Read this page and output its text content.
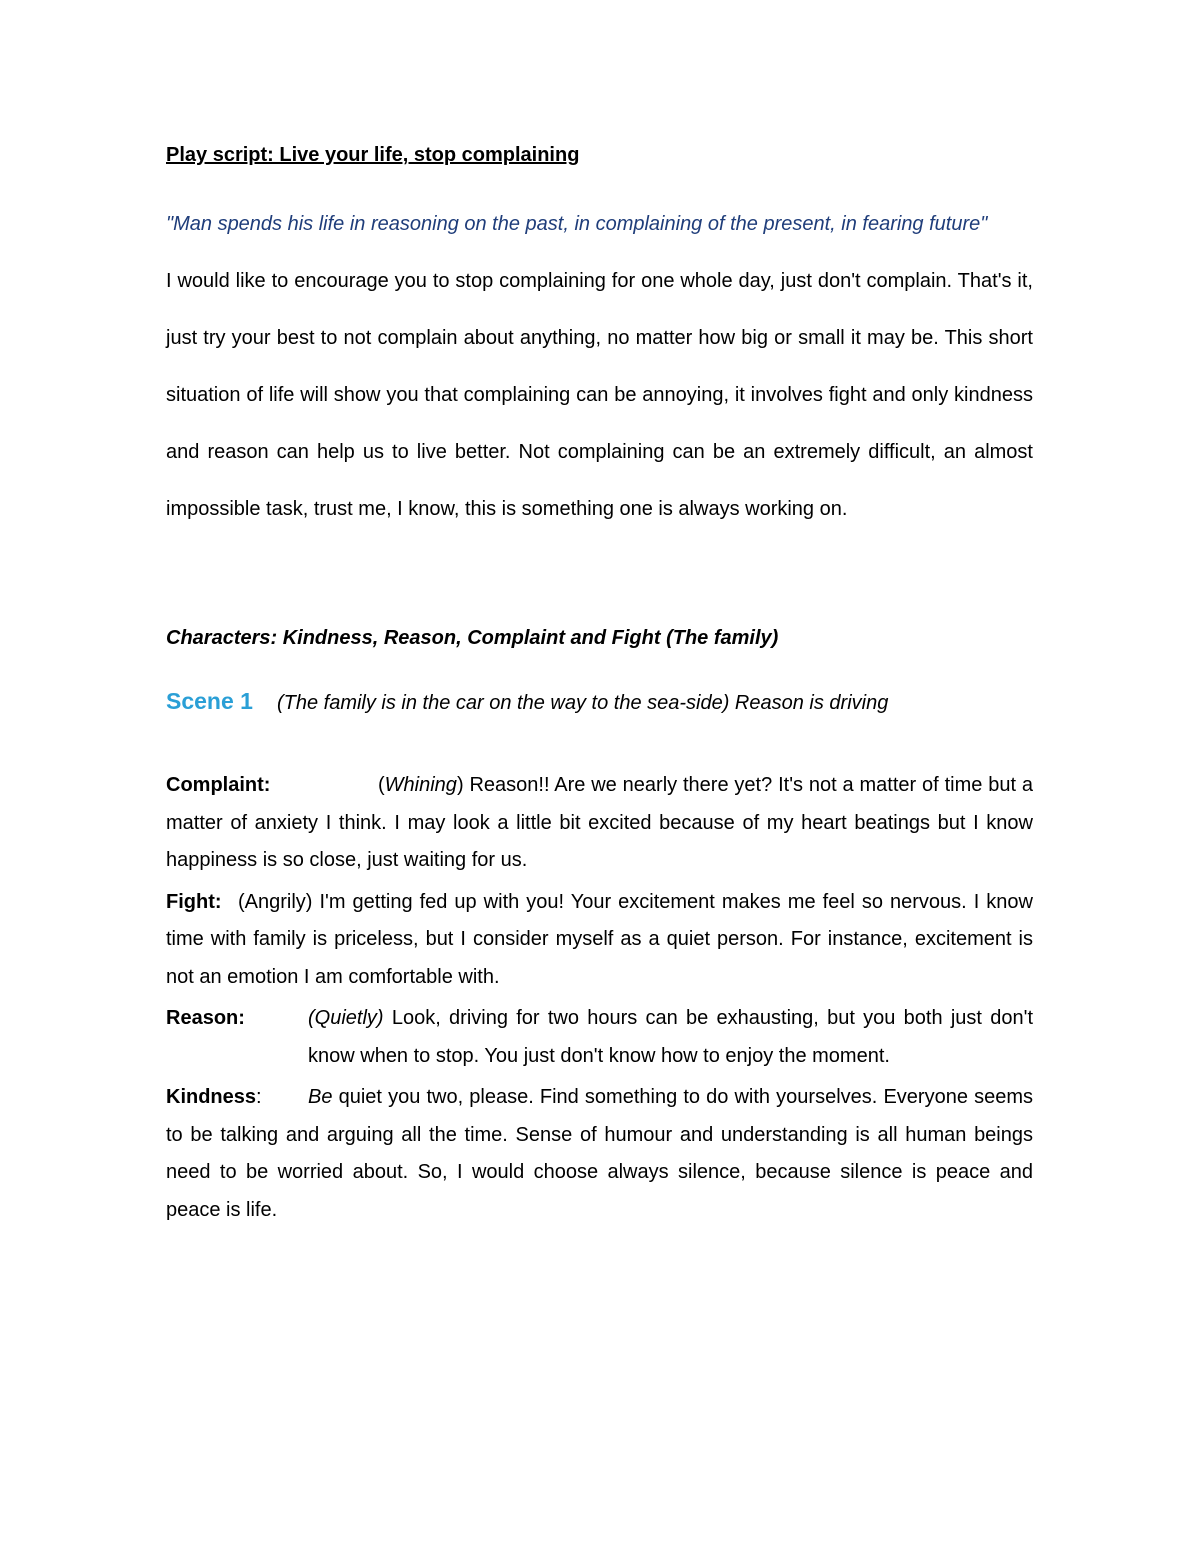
Play script: Live your life, stop complaining

"Man spends his life in reasoning on the past, in complaining of the present, in fearing future"

I would like to encourage you to stop complaining for one whole day, just don't complain. That's it, just try your best to not complain about anything, no matter how big or small it may be. This short situation of life will show you that complaining can be annoying, it involves fight and only kindness and reason can help us to live better. Not complaining can be an extremely difficult, an almost impossible task, trust me, I know, this is something one is always working on.

Characters: Kindness, Reason, Complaint and Fight (The family)

Scene 1 (The family is in the car on the way to the sea-side) Reason is driving

Complaint:	(Whining) Reason!! Are we nearly there yet? It's not a matter of time but a matter of anxiety I think. I may look a little bit excited because of my heart beatings but I know happiness is so close, just waiting for us.

Fight: (Angrily) I'm getting fed up with you! Your excitement makes me feel so nervous. I know time with family is priceless, but I consider myself as a quiet person. For instance, excitement is not an emotion I am comfortable with.

Reason:	(Quietly) Look, driving for two hours can be exhausting, but you both just don't know when to stop. You just don't know how to enjoy the moment.

Kindness: Be quiet you two, please. Find something to do with yourselves. Everyone seems to be talking and arguing all the time. Sense of humour and understanding is all human beings need to be worried about. So, I would choose always silence, because silence is peace and peace is life.
